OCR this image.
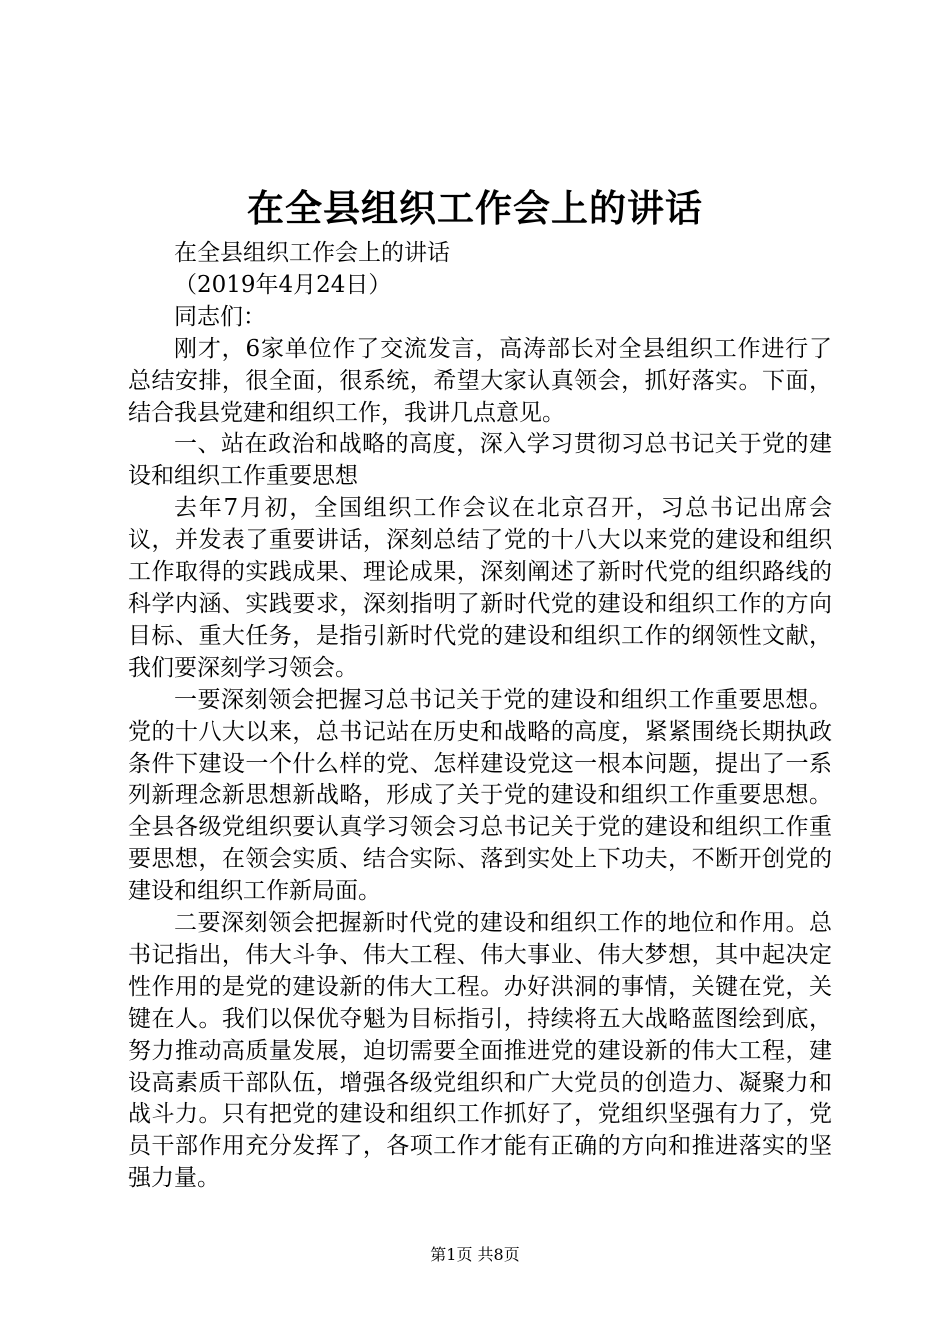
在全县组织工作会上的讲话

在全县组织工作会上的讲话

（2019年4月24日）

同志们：

刚才，6家单位作了交流发言，高涛部长对全县组织工作进行了总结安排，很全面，很系统，希望大家认真领会，抓好落实。下面，结合我县党建和组织工作，我讲几点意见。

一、站在政治和战略的高度，深入学习贯彻习总书记关于党的建设和组织工作重要思想

去年7月初，全国组织工作会议在北京召开，习总书记出席会议，并发表了重要讲话，深刻总结了党的十八大以来党的建设和组织工作取得的实践成果、理论成果，深刻阐述了新时代党的组织路线的科学内涵、实践要求，深刻指明了新时代党的建设和组织工作的方向目标、重大任务，是指引新时代党的建设和组织工作的纲领性文献，我们要深刻学习领会。

一要深刻领会把握习总书记关于党的建设和组织工作重要思想。党的十八大以来，总书记站在历史和战略的高度，紧紧围绕长期执政条件下建设一个什么样的党、怎样建设党这一根本问题，提出了一系列新理念新思想新战略，形成了关于党的建设和组织工作重要思想。全县各级党组织要认真学习领会习总书记关于党的建设和组织工作重要思想，在领会实质、结合实际、落到实处上下功夫，不断开创党的建设和组织工作新局面。

二要深刻领会把握新时代党的建设和组织工作的地位和作用。总书记指出，伟大斗争、伟大工程、伟大事业、伟大梦想，其中起决定性作用的是党的建设新的伟大工程。办好洪洞的事情，关键在党，关键在人。我们以保优夺魁为目标指引，持续将五大战略蓝图绘到底，努力推动高质量发展，迫切需要全面推进党的建设新的伟大工程，建设高素质干部队伍，增强各级党组织和广大党员的创造力、凝聚力和战斗力。只有把党的建设和组织工作抓好了，党组织坚强有力了，党员干部作用充分发挥了，各项工作才能有正确的方向和推进落实的坚强力量。

第1页 共8页
